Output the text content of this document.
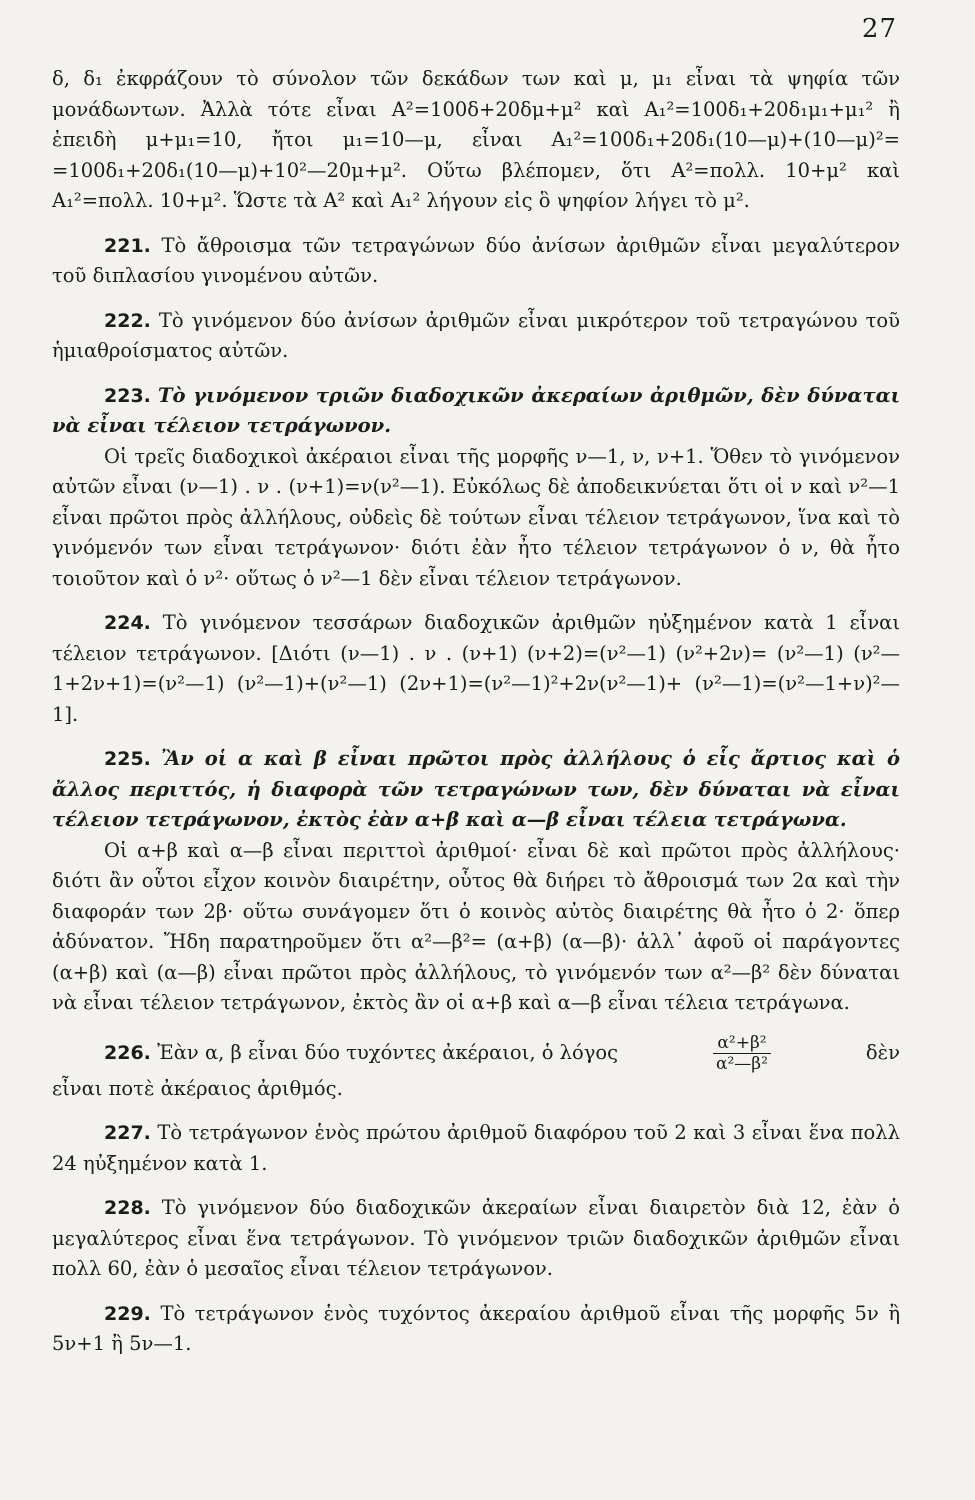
27

δ, δ₁ ἐκφράζουν τὸ σύνολον τῶν δεκάδων των καὶ μ, μ₁ εἶναι τὰ ψηφία τῶν μονάδωντων. Ἀλλὰ τότε εἶναι Α²=100δ+20δμ+μ² καὶ Α₁²=100δ₁+20δ₁μ₁+μ₁² ἢ ἐπειδὴ μ+μ₁=10, ἤτοι μ₁=10—μ, εἶναι Α₁²=100δ₁+20δ₁(10—μ)+(10—μ)²= =100δ₁+20δ₁(10—μ)+10²—20μ+μ². Οὕτω βλέπομεν, ὅτι Α²=πολλ. 10+μ² καὶ Α₁²=πολλ. 10+μ². Ὥστε τὰ Α² καὶ Α₁² λήγουν εἰς ὃ ψηφίον λήγει τὸ μ².

221. Τὸ ἄθροισμα τῶν τετραγώνων δύο ἀνίσων ἀριθμῶν εἶναι μεγαλύτερον τοῦ διπλασίου γινομένου αὐτῶν.

222. Τὸ γινόμενον δύο ἀνίσων ἀριθμῶν εἶναι μικρότερον τοῦ τετραγώνου τοῦ ἡμιαθροίσματος αὐτῶν.

223. Τὸ γινόμενον τριῶν διαδοχικῶν ἀκεραίων ἀριθμῶν, δὲν δύναται νὰ εἶναι τέλειον τετράγωνον.

Οἱ τρεῖς διαδοχικοὶ ἀκέραιοι εἶναι τῆς μορφῆς ν—1, ν, ν+1. Ὅθεν τὸ γινόμενον αὐτῶν εἶναι (ν—1) . ν . (ν+1)=ν(ν²—1). Εὐκόλως δὲ ἀποδεικνύεται ὅτι οἱ ν καὶ ν²—1 εἶναι πρῶτοι πρὸς ἀλλήλους, οὐδεὶς δὲ τούτων εἶναι τέλειον τετράγωνον, ἵνα καὶ τὸ γινόμενόν των εἶναι τετράγωνον· διότι ἐὰν ἦτο τέλειον τετράγωνον ὁ ν, θὰ ἦτο τοιοῦτον καὶ ὁ ν²· οὕτως ὁ ν²—1 δὲν εἶναι τέλειον τετράγωνον.

224. Τὸ γινόμενον τεσσάρων διαδοχικῶν ἀριθμῶν ηὐξημένον κατὰ 1 εἶναι τέλειον τετράγωνον. [Διότι (ν—1) . ν . (ν+1) (ν+2)=(ν²—1) (ν²+2ν)= (ν²—1) (ν²—1+2ν+1)=(ν²—1) (ν²—1)+(ν²—1) (2ν+1)=(ν²—1)²+2ν(ν²—1)+ (ν²—1)=(ν²—1+ν)²—1].

225. Ἂν οἱ α καὶ β εἶναι πρῶτοι πρὸς ἀλλήλους ὁ εἷς ἄρτιος καὶ ὁ ἄλλος περιττός, ἡ διαφορὰ τῶν τετραγώνων των, δὲν δύναται νὰ εἶναι τέλειον τετράγωνον, ἐκτὸς ἐὰν α+β καὶ α—β εἶναι τέλεια τετράγωνα.

Οἱ α+β καὶ α—β εἶναι περιττοὶ ἀριθμοί· εἶναι δὲ καὶ πρῶτοι πρὸς ἀλλήλους· διότι ἂν οὗτοι εἶχον κοινὸν διαιρέτην, οὗτος θὰ διήρει τὸ ἄθροισμά των 2α καὶ τὴν διαφοράν των 2β· οὕτω συνάγομεν ὅτι ὁ κοινὸς αὐτὸς διαιρέτης θὰ ἦτο ὁ 2· ὅπερ ἀδύνατον. Ἤδη παρατηροῦμεν ὅτι α²—β²= (α+β) (α—β)· ἀλλ᾽ ἀφοῦ οἱ παράγοντες (α+β) καὶ (α—β) εἶναι πρῶτοι πρὸς ἀλλήλους, τὸ γινόμενόν των α²—β² δὲν δύναται νὰ εἶναι τέλειον τετράγωνον, ἐκτὸς ἂν οἱ α+β καὶ α—β εἶναι τέλεια τετράγωνα.

226. Ἐὰν α, β εἶναι δύο τυχόντες ἀκέραιοι, ὁ λόγος	$\frac{\text{α²+β²}}{\text{α²—β²}}$	δὲν

εἶναι ποτὲ ἀκέραιος ἀριθμός.

227. Τὸ τετράγωνον ἑνὸς πρώτου ἀριθμοῦ διαφόρου τοῦ 2 καὶ 3 εἶναι ἕνα πολλ 24 ηὐξημένον κατὰ 1.

228. Τὸ γινόμενον δύο διαδοχικῶν ἀκεραίων εἶναι διαιρετὸν διὰ 12, ἐὰν ὁ μεγαλύτερος εἶναι ἕνα τετράγωνον. Τὸ γινόμενον τριῶν διαδοχικῶν ἀριθμῶν εἶναι πολλ 60, ἐὰν ὁ μεσαῖος εἶναι τέλειον τετράγωνον.

229. Τὸ τετράγωνον ἑνὸς τυχόντος ἀκεραίου ἀριθμοῦ εἶναι τῆς μορφῆς 5ν ἢ 5ν+1 ἢ 5ν—1.
